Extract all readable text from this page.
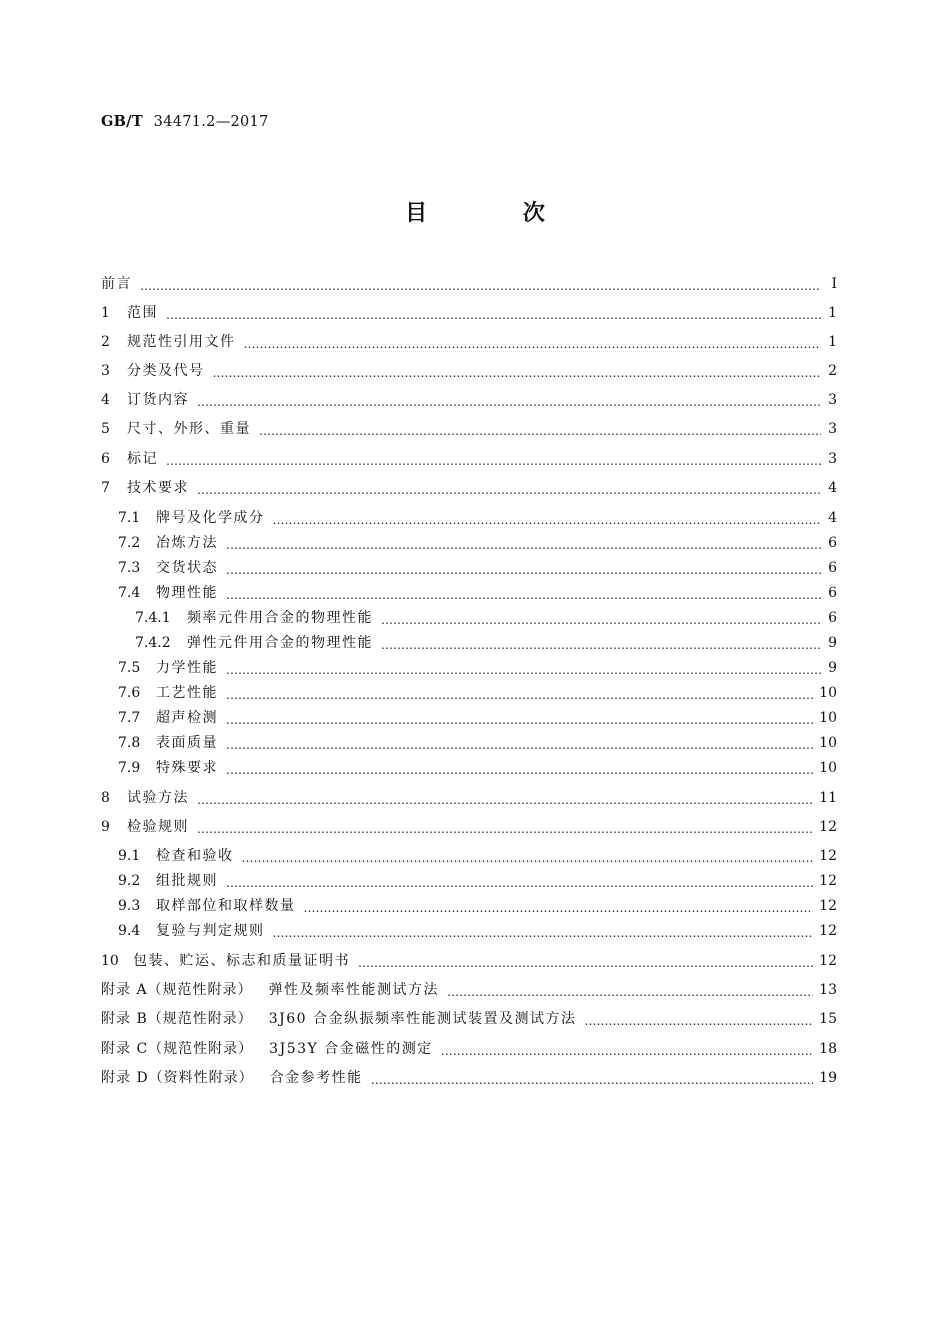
GB/T 34471.2—2017
目 次
前言 ……………………………………………………………………………………………………………………………………………………………………………………………………………………………………	I
1	范围 ……………………………………………………………………………………………………………………………………………………………………………………………………………………………………	1
2	规范性引用文件 ……………………………………………………………………………………………………………………………………………………………………………………………………………………………………	1
3	分类及代号 ……………………………………………………………………………………………………………………………………………………………………………………………………………………………………	2
4	订货内容 ……………………………………………………………………………………………………………………………………………………………………………………………………………………………………	3
5	尺寸、外形、重量 ……………………………………………………………………………………………………………………………………………………………………………………………………………………………………	3
6	标记 ……………………………………………………………………………………………………………………………………………………………………………………………………………………………………	3
7	技术要求 ……………………………………………………………………………………………………………………………………………………………………………………………………………………………………	4
7.1	牌号及化学成分 ……………………………………………………………………………………………………………………………………………………………………………………………………………………………………	4
7.2	冶炼方法 ……………………………………………………………………………………………………………………………………………………………………………………………………………………………………	6
7.3	交货状态 ……………………………………………………………………………………………………………………………………………………………………………………………………………………………………	6
7.4	物理性能 ……………………………………………………………………………………………………………………………………………………………………………………………………………………………………	6
7.4.1	频率元件用合金的物理性能 ……………………………………………………………………………………………………………………………………………………………………………………………………………………………………	6
7.4.2	弹性元件用合金的物理性能 ……………………………………………………………………………………………………………………………………………………………………………………………………………………………………	9
7.5	力学性能 ……………………………………………………………………………………………………………………………………………………………………………………………………………………………………	9
7.6	工艺性能 ……………………………………………………………………………………………………………………………………………………………………………………………………………………………………	10
7.7	超声检测 ……………………………………………………………………………………………………………………………………………………………………………………………………………………………………	10
7.8	表面质量 ……………………………………………………………………………………………………………………………………………………………………………………………………………………………………	10
7.9	特殊要求 ……………………………………………………………………………………………………………………………………………………………………………………………………………………………………	10
8	试验方法 ……………………………………………………………………………………………………………………………………………………………………………………………………………………………………	11
9	检验规则 ……………………………………………………………………………………………………………………………………………………………………………………………………………………………………	12
9.1	检查和验收 ……………………………………………………………………………………………………………………………………………………………………………………………………………………………………	12
9.2	组批规则 ……………………………………………………………………………………………………………………………………………………………………………………………………………………………………	12
9.3	取样部位和取样数量 ……………………………………………………………………………………………………………………………………………………………………………………………………………………………………	12
9.4	复验与判定规则 ……………………………………………………………………………………………………………………………………………………………………………………………………………………………………	12
10	包装、贮运、标志和质量证明书 ……………………………………………………………………………………………………………………………………………………………………………………………………………………………………	12
附录 A（规范性附录） 弹性及频率性能测试方法 ……………………………………………………………………………………………………………………………………………………………………………………………………………………………………	13
附录 B（规范性附录） 3J60 合金纵振频率性能测试装置及测试方法 ……………………………………………………………………………………………………………………………………………………………………………………………………………………………………	15
附录 C（规范性附录） 3J53Y 合金磁性的测定 ……………………………………………………………………………………………………………………………………………………………………………………………………………………………………	18
附录 D（资料性附录） 合金参考性能 ……………………………………………………………………………………………………………………………………………………………………………………………………………………………………	19
